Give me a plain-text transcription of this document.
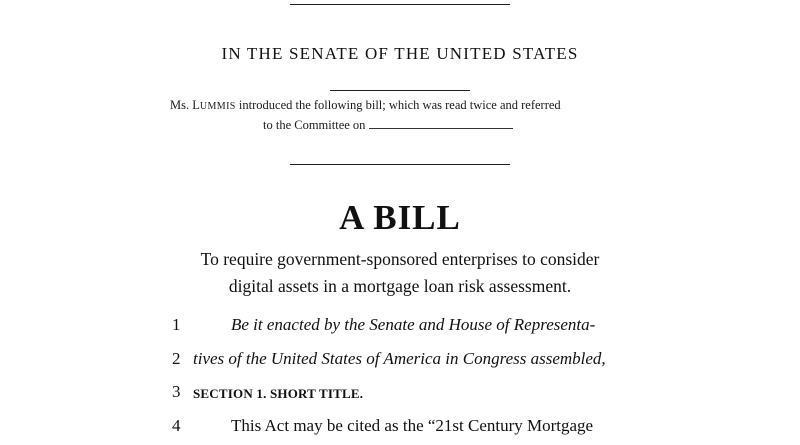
IN THE SENATE OF THE UNITED STATES
Ms. LUMMIS introduced the following bill; which was read twice and referred
to the Committee on
A BILL
To require government-sponsored enterprises to consider
digital assets in a mortgage loan risk assessment.
1	Be it enacted by the Senate and House of Representa-
2 tives of the United States of America in Congress assembled,
3 SECTION 1. SHORT TITLE.
4	This Act may be cited as the “21st Century Mortgage
